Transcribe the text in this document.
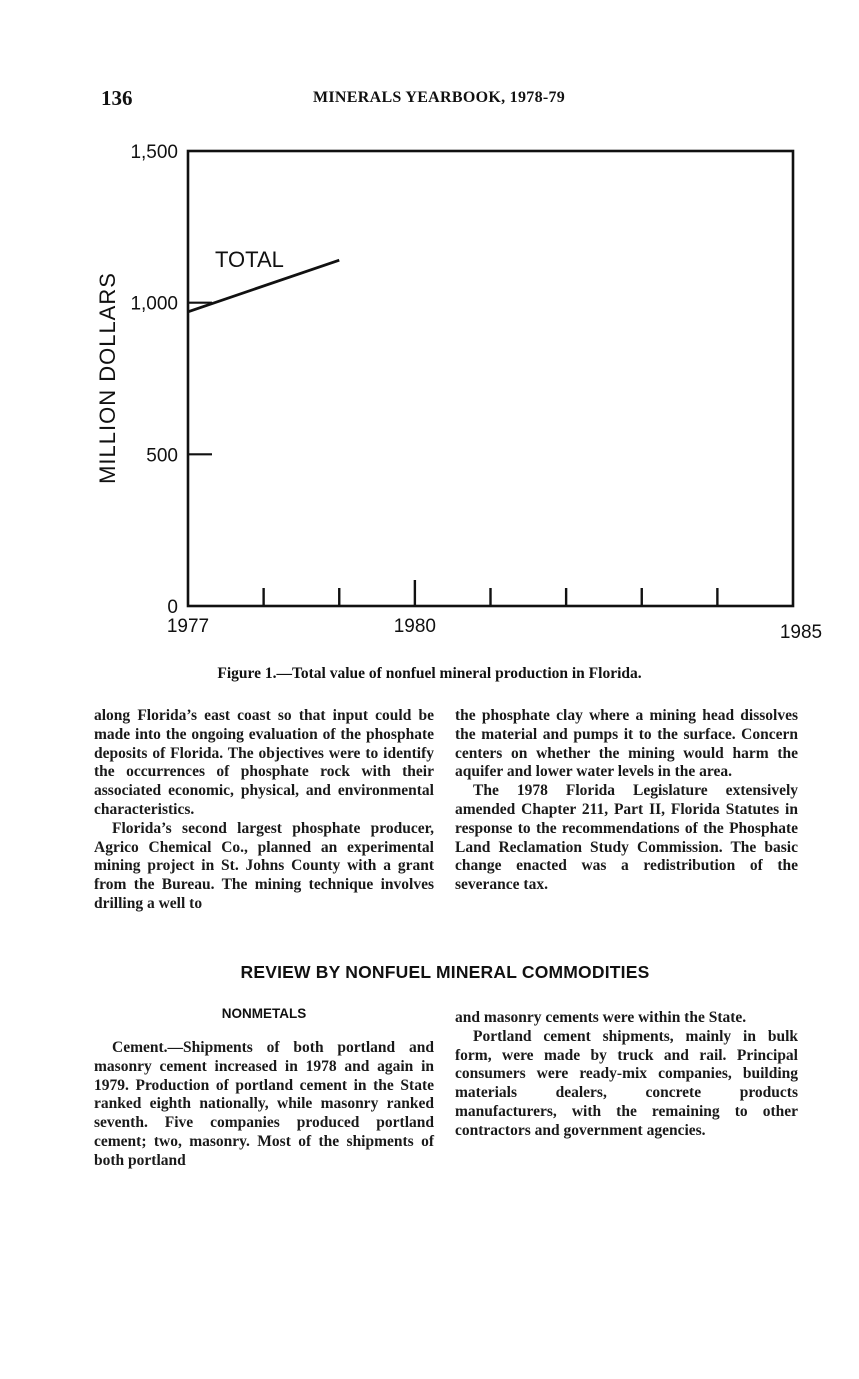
136	MINERALS YEARBOOK, 1978-79
1977	1980	1985
0
500
1,000
1,500
MILLION DOLLARS
TOTAL
Figure 1.—Total value of nonfuel mineral production in Florida.

along Florida’s east coast so that input could be made into the ongoing evaluation of the phosphate deposits of Florida. The objectives were to identify the occurrences of phosphate rock with their associated economic, physical, and environmental characteristics.

Florida’s second largest phosphate producer, Agrico Chemical Co., planned an experimental mining project in St. Johns County with a grant from the Bureau. The mining technique involves drilling a well to

the phosphate clay where a mining head dissolves the material and pumps it to the surface. Concern centers on whether the mining would harm the aquifer and lower water levels in the area.

The 1978 Florida Legislature extensively amended Chapter 211, Part II, Florida Statutes in response to the recommendations of the Phosphate Land Reclamation Study Commission. The basic change enacted was a redistribution of the severance tax.

REVIEW BY NONFUEL MINERAL COMMODITIES
NONMETALS

Cement.—Shipments of both portland and masonry cement increased in 1978 and again in 1979. Production of portland cement in the State ranked eighth nationally, while masonry ranked seventh. Five companies produced portland cement; two, masonry. Most of the shipments of both portland

and masonry cements were within the State.

Portland cement shipments, mainly in bulk form, were made by truck and rail. Principal consumers were ready-mix companies, building materials dealers, concrete products manufacturers, with the remaining to other contractors and government agencies.
